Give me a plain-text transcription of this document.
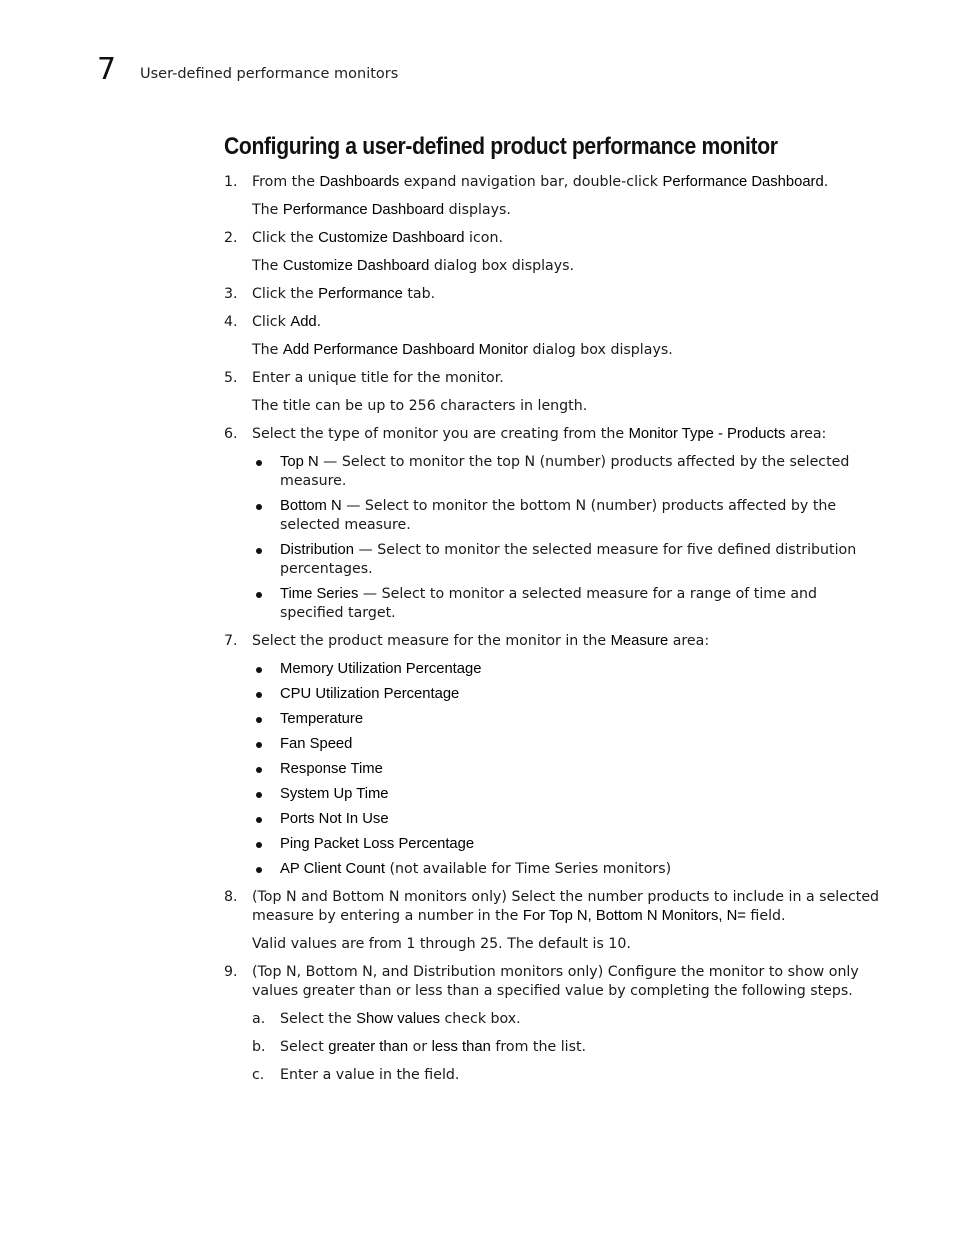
7 User-defined performance monitors
Configuring a user-defined product performance monitor
1. From the Dashboards expand navigation bar, double-click Performance Dashboard.

The Performance Dashboard displays.

2. Click the Customize Dashboard icon.

The Customize Dashboard dialog box displays.

3. Click the Performance tab.

4. Click Add.

The Add Performance Dashboard Monitor dialog box displays.

5. Enter a unique title for the monitor.

The title can be up to 256 characters in length.

6. Select the type of monitor you are creating from the Monitor Type - Products area:

Top N — Select to monitor the top N (number) products affected by the selected measure.
Bottom N — Select to monitor the bottom N (number) products affected by the selected measure.
Distribution — Select to monitor the selected measure for five defined distribution percentages.
Time Series — Select to monitor a selected measure for a range of time and specified target.
7. Select the product measure for the monitor in the Measure area:

Memory Utilization Percentage
CPU Utilization Percentage
Temperature
Fan Speed
Response Time
System Up Time
Ports Not In Use
Ping Packet Loss Percentage
AP Client Count (not available for Time Series monitors)
8. (Top N and Bottom N monitors only) Select the number products to include in a selected measure by entering a number in the For Top N, Bottom N Monitors, N= field.

Valid values are from 1 through 25. The default is 10.

9. (Top N, Bottom N, and Distribution monitors only) Configure the monitor to show only values greater than or less than a specified value by completing the following steps.

a. Select the Show values check box.
b. Select greater than or less than from the list.
c. Enter a value in the field.
